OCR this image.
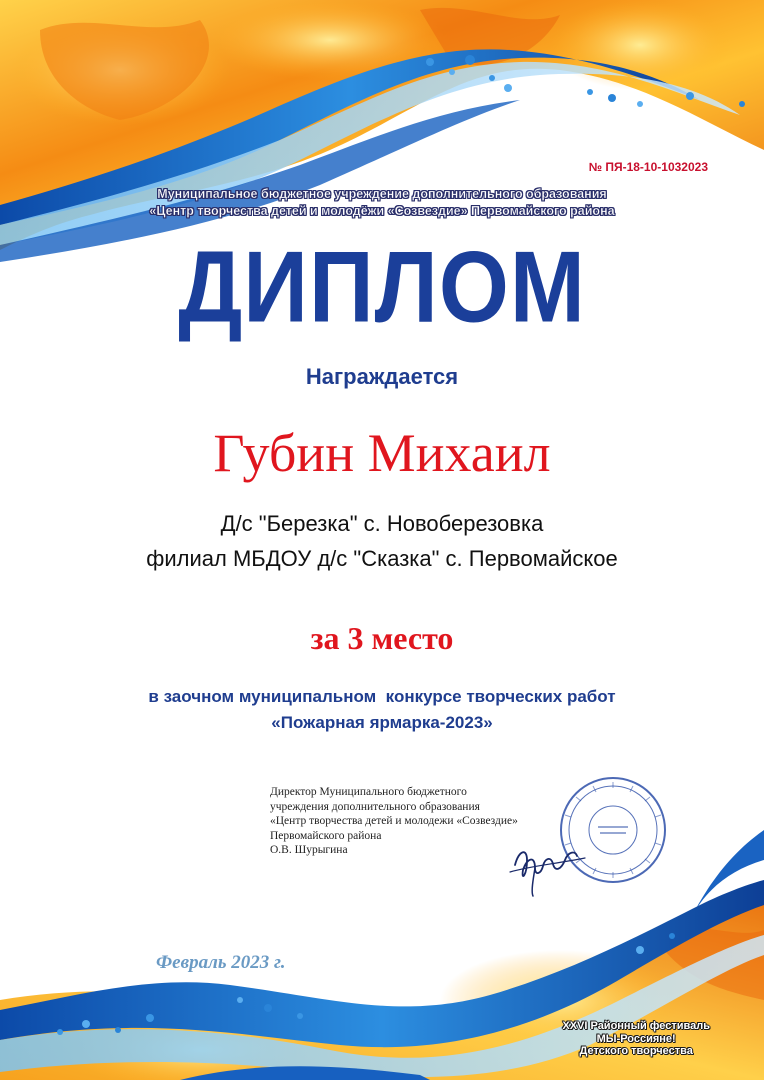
№ ПЯ-18-10-1032023
Муниципальное бюджетное учреждение дополнительного образования
«Центр творчества детей и молодёжи «Созвездие» Первомайского района
ДИПЛОМ
Награждается
Губин Михаил
Д/с "Березка" с. Новоберезовка
филиал МБДОУ д/с "Сказка" с. Первомайское
за 3 место
в заочном муниципальном  конкурсе творческих работ
«Пожарная ярмарка-2023»
Директор Муниципального бюджетного
учреждения дополнительного образования
«Центр творчества детей и молодежи «Созвездие»
Первомайского района
О.В. Шурыгина
Февраль 2023 г.
XXVI Районный фестиваль
МЫ-Россияне!
Детского творчества
